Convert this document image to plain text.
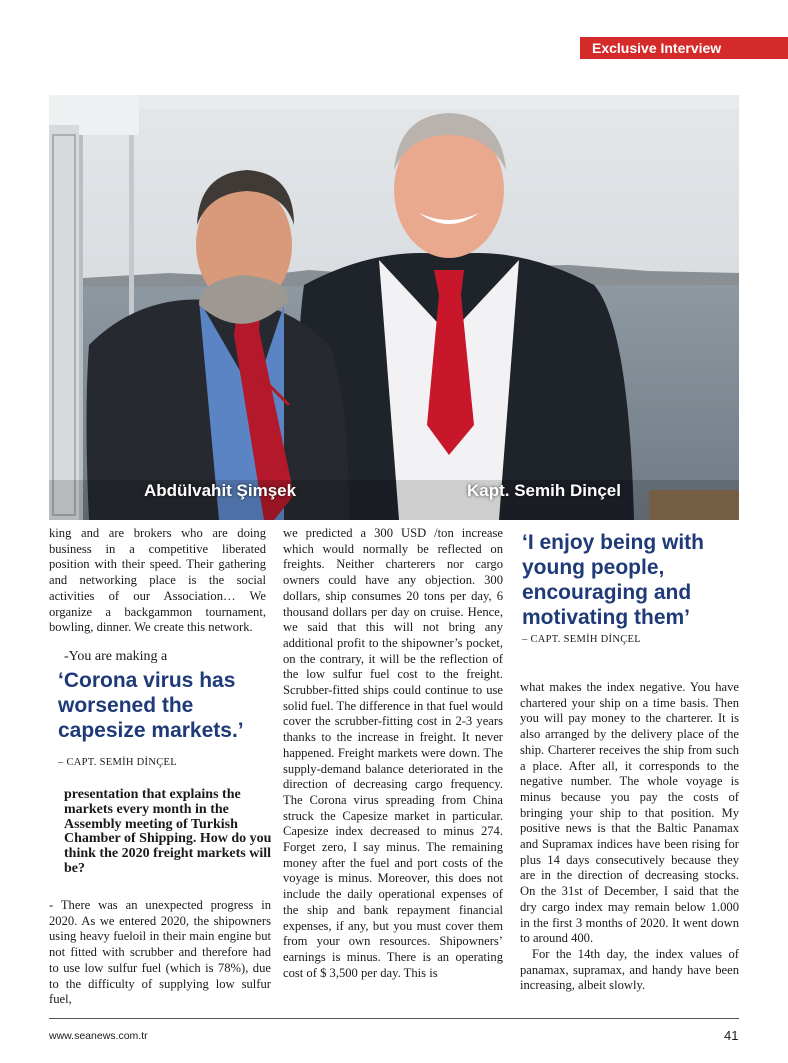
Exclusive Interview
Abdülvahit Şimşek	Kapt. Semih Dinçel

king and are brokers who are doing business in a competitive liberated position with their speed. Their gathering and networking place is the social activities of our Association… We organize a backgammon tournament, bowling, dinner. We create this network.

-You are making a
‘Corona virus has worsened the capesize markets.’
– CAPT. SEMİH DİNÇEL
presentation that explains the markets every month in the Assembly meeting of Turkish Chamber of Shipping. How do you think the 2020 freight markets will be?

- There was an unexpected progress in 2020. As we entered 2020, the shipowners using heavy fueloil in their main engine but not fitted with scrubber and therefore had to use low sulfur fuel (which is 78%), due to the difficulty of supplying low sulfur fuel,

we predicted a 300 USD /ton increase which would normally be reflected on freights. Neither charterers nor cargo owners could have any objection. 300 dollars, ship consumes 20 tons per day, 6 thousand dollars per day on cruise. Hence, we said that this will not bring any additional profit to the shipowner’s pocket, on the contrary, it will be the reflection of the low sulfur fuel cost to the freight. Scrubber-fitted ships could continue to use solid fuel. The difference in that fuel would cover the scrubber-fitting cost in 2-3 years thanks to the increase in freight. It never happened. Freight markets were down. The supply-demand balance deteriorated in the direction of decreasing cargo frequency. The Corona virus spreading from China struck the Capesize market in particular. Capesize index decreased to minus 274. Forget zero, I say minus. The remaining money after the fuel and port costs of the voyage is minus. Moreover, this does not include the daily operational expenses of the ship and bank repayment financial expenses, if any, but you must cover them from your own resources. Shipowners’ earnings is minus. There is an operating cost of $ 3,500 per day. This is

‘I enjoy being with young people, encouraging and motivating them’
– CAPT. SEMİH DİNÇEL

what makes the index negative. You have chartered your ship on a time basis. Then you will pay money to the charterer. It is also arranged by the delivery place of the ship. Charterer receives the ship from such a place. After all, it corresponds to the negative number. The whole voyage is minus because you pay the costs of bringing your ship to that position. My positive news is that the Baltic Panamax and Supramax indices have been rising for plus 14 days consecutively because they are in the direction of decreasing stocks. On the 31st of December, I said that the dry cargo index may remain below 1.000 in the first 3 months of 2020. It went down to around 400.

For the 14th day, the index values of panamax, supramax, and handy have been increasing, albeit slowly.

www.seanews.com.tr	41
